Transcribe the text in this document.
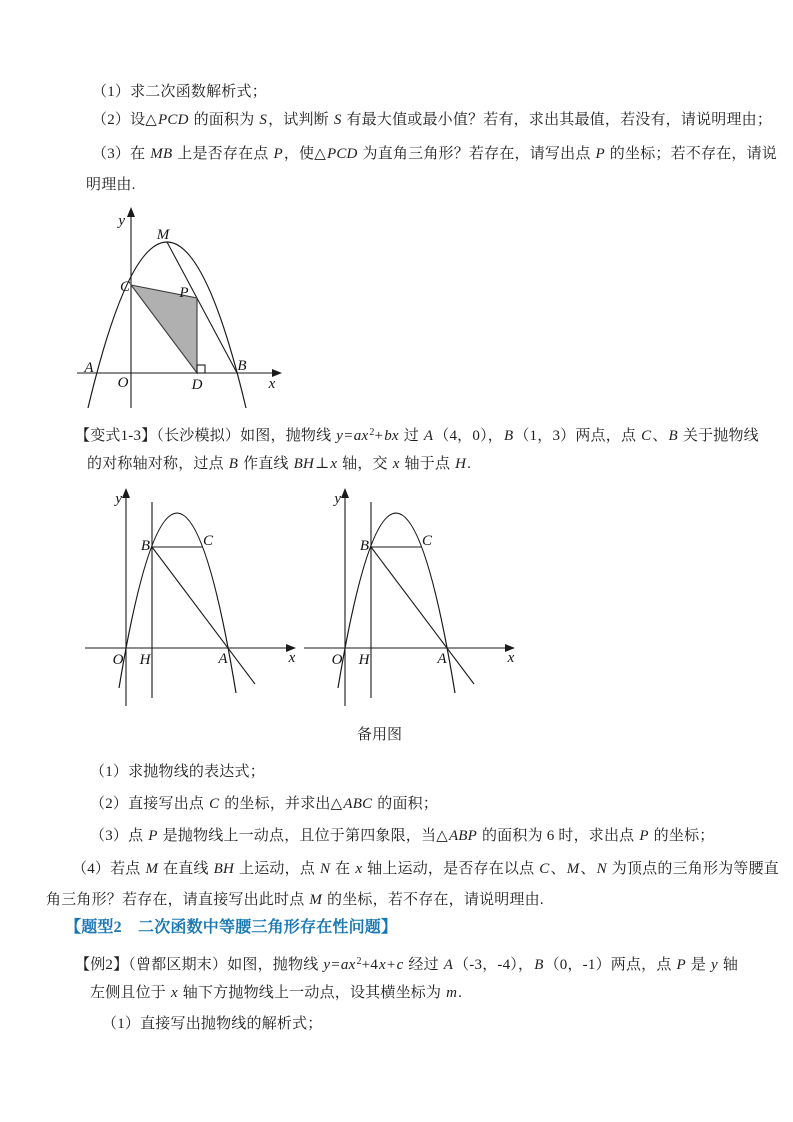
（1）求二次函数解析式；
（2）设△PCD 的面积为 S，试判断 S 有最大值或最小值？若有，求出其最值，若没有，请说明理由；
（3）在 MB 上是否存在点 P，使△PCD 为直角三角形？若存在，请写出点 P 的坐标；若不存在，请说
明理由.
【变式1-3】（长沙模拟）如图，抛物线 $y=ax^2+bx$ 过 A（4，0），B（1，3）两点，点 C、B 关于抛物线
的对称轴对称，过点 B 作直线 BH⊥x 轴，交 x 轴于点 H.
（1）求抛物线的表达式；
（2）直接写出点 C 的坐标，并求出△ABC 的面积；
（3）点 P 是抛物线上一动点，且位于第四象限，当△ABP 的面积为 6 时，求出点 P 的坐标；
（4）若点 M 在直线 BH 上运动，点 N 在 x 轴上运动，是否存在以点 C、M、N 为顶点的三角形为等腰直
角三角形？若存在，请直接写出此时点 M 的坐标，若不存在，请说明理由.
【题型2　二次函数中等腰三角形存在性问题】
【例2】（曾都区期末）如图，抛物线 $y=ax^2+4x+c$ 经过 A（-3，-4），B（0，-1）两点，点 P 是 y 轴
左侧且位于 x 轴下方抛物线上一动点，设其横坐标为 m.
（1）直接写出抛物线的解析式；
y
x
M
C	P
A
O	D
B
y
x
B	C
O H	A
y
x
B	C
O H	A
备用图
